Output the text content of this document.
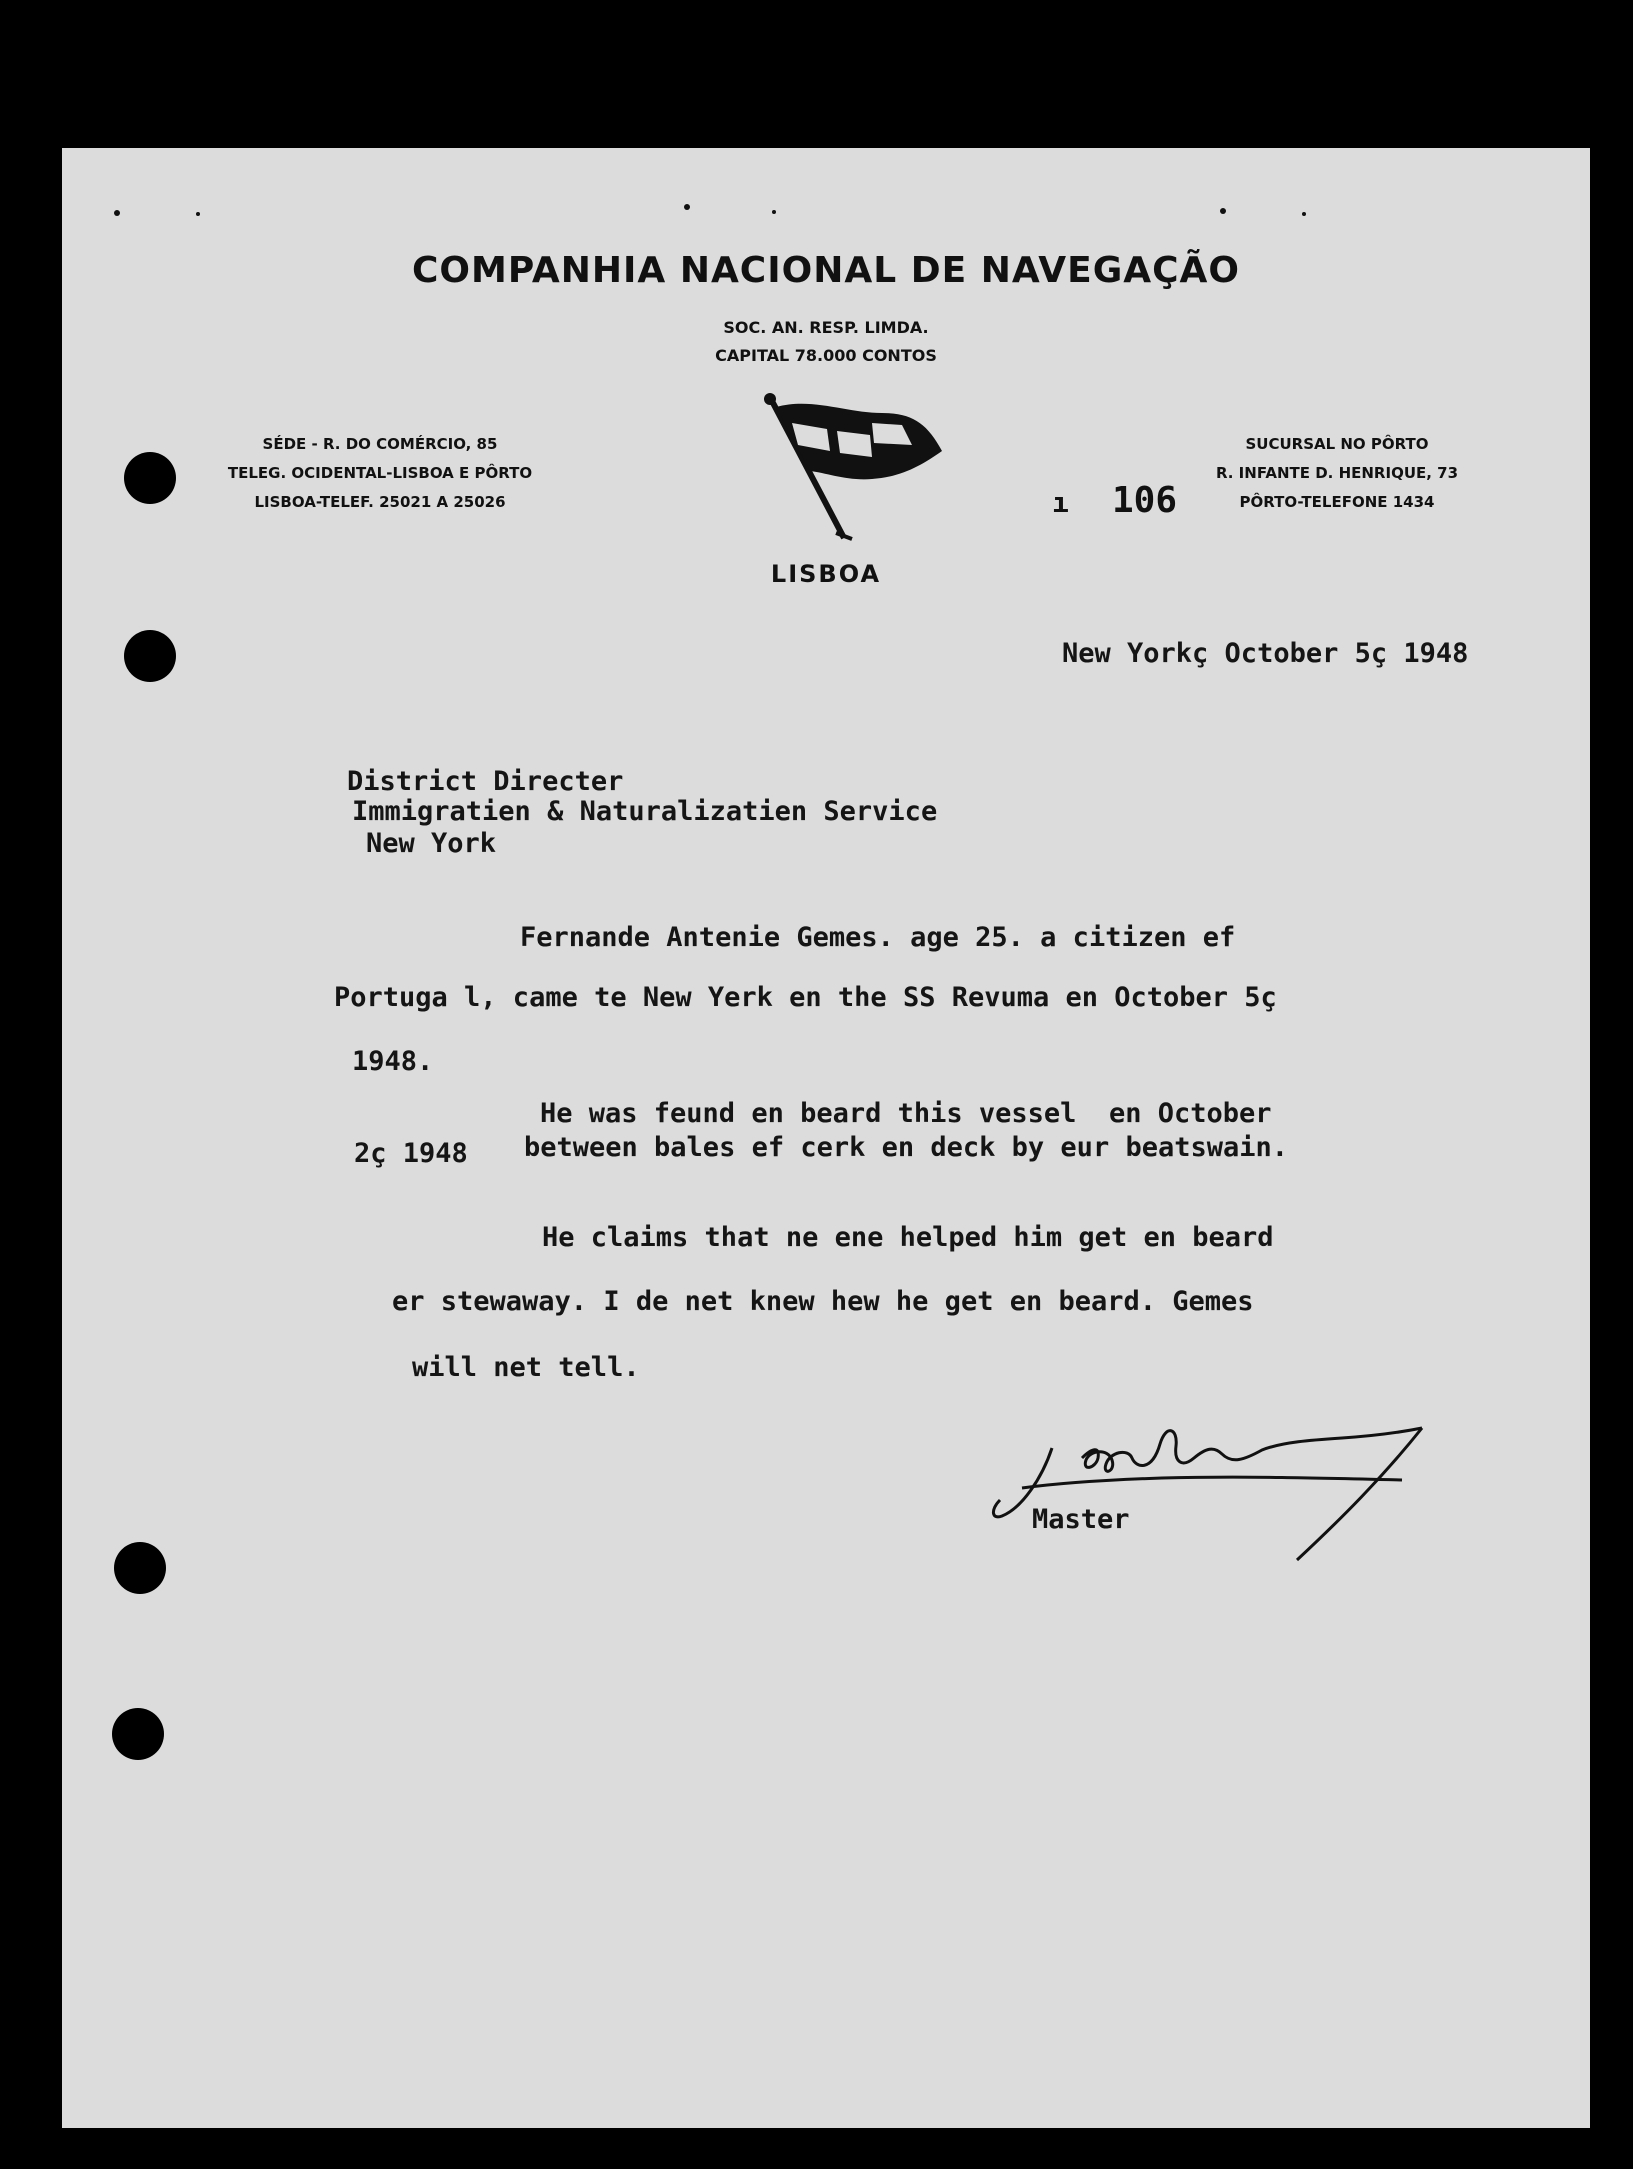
COMPANHIA NACIONAL DE NAVEGAÇÃO
SOC. AN. RESP. LIMDA.
CAPITAL 78.000 CONTOS
SÉDE - R. DO COMÉRCIO, 85
TELEG. OCIDENTAL-LISBOA E PÔRTO
LISBOA-TELEF. 25021 A 25026
LISBOA
ı 106
SUCURSAL NO PÔRTO
R. INFANTE D. HENRIQUE, 73
PÔRTO-TELEFONE 1434
New Yorkç October 5ç 1948
District Directer
Immigratien & Naturalizatien Service
New York
Fernande Antenie Gemes. age 25. a citizen ef
Portuga l, came te New Yerk en the SS Revuma en October 5ç
1948.
He was feund en beard this vessel  en October
2ç 1948 between bales ef cerk en deck by eur beatswain.
He claims that ne ene helped him get en beard
er stewaway. I de net knew hew he get en beard. Gemes
will net tell.
Master
